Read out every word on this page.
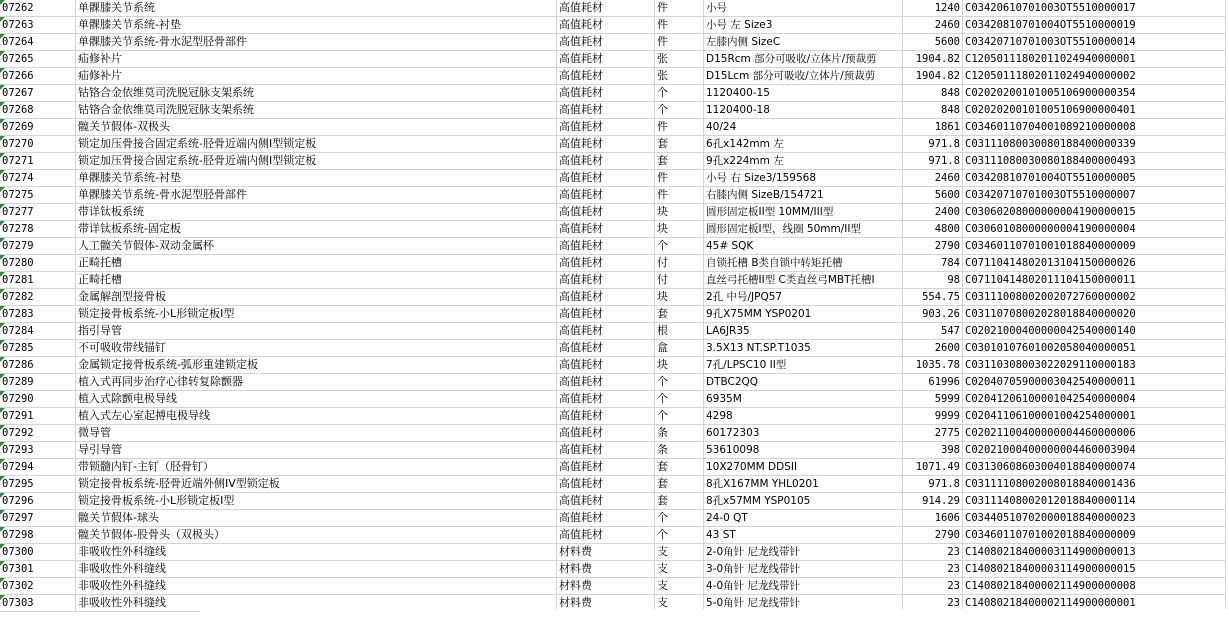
07262	单髁膝关节系统	高值耗材	件	小号	1240 C03420610701003OT5510000017
07263	单髁膝关节系统-衬垫	高值耗材	件	小号 左 Size3	2460 C03420810701004OT5510000019
07264	单髁膝关节系统-骨水泥型胫骨部件	高值耗材	件	左膝内侧 SizeC	5600 C03420710701003OT5510000014
07265	疝修补片	高值耗材	张	D15Rcm 部分可吸收/立体片/预裁剪	1904.82 C12050111802011024940000001
07266	疝修补片	高值耗材	张	D15Lcm 部分可吸收/立体片/预裁剪	1904.82 C12050111802011024940000002
07267	钴铬合金依维莫司洗脱冠脉支架系统	高值耗材	个	1120400-15	848 C02020200101005106900000354
07268	钴铬合金依维莫司洗脱冠脉支架系统	高值耗材	个	1120400-18	848 C02020200101005106900000401
07269	髋关节假体-双极头	高值耗材	件	40/24	1861 C03460110704001089210000008
07270	锁定加压骨接合固定系统-胫骨近端内侧I型锁定板	高值耗材	套	6孔x142mm 左	971.8 C03111080030080188400000339
07271	锁定加压骨接合固定系统-胫骨近端内侧I型锁定板	高值耗材	套	9孔x224mm 左	971.8 C03111080030080188400000493
07274	单髁膝关节系统-衬垫	高值耗材	件	小号 右 Size3/159568	2460 C03420810701004OT5510000005
07275	单髁膝关节系统-骨水泥型胫骨部件	高值耗材	件	右膝内侧 SizeB/154721	5600 C03420710701003OT5510000007
07277	带详钛板系统	高值耗材	块	圆形固定板II型 10MM/III型	2400 C03060208000000004190000015
07278	带详钛板系统-固定板	高值耗材	块	圆形固定板I型，线圈 50mm/II型	4800 C03060108000000004190000004
07279	人工髋关节假体-双动金属杯	高值耗材	个	45# SQK	2790 C03460110701001018840000009
07280	正畸托槽	高值耗材	付	自锁托槽 B类自锁中转矩托槽	784 C07110414802013104150000026
07281	正畸托槽	高值耗材	付	直丝弓托槽II型 C类直丝弓MBT托槽I	98 C07110414802011104150000011
07282	金属解剖型接骨板	高值耗材	块	2孔 中号/JPQ57	554.75 C03111008002002072760000002
07283	锁定接骨板系统-小L形锁定板I型	高值耗材	套	9孔X75MM YSP0201	903.26 C03110708002028018840000020
07284	指引导管	高值耗材	根	LA6JR35	547 C02021000400000042540000140
07285	不可吸收带线锚钉	高值耗材	盒	3.5X13 NT.SP.T1035	2600 C03010107601002058040000051
07286	金属锁定接骨板系统-弧形重建锁定板	高值耗材	块	7孔/LPSC10 II型	1035.78 C03110308003022029110000183
07289	植入式再同步治疗心律转复除颤器	高值耗材	个	DTBC2QQ	61996 C02040705900003042540000011
07290	植入式除颤电极导线	高值耗材	个	6935M	5999 C02041206100001042540000004
07291	植入式左心室起搏电极导线	高值耗材	个	4298	9999 C02041106100001004254000001
07292	微导管	高值耗材	条	60172303	2775 C02021100400000004460000006
07293	导引导管	高值耗材	条	53610098	398 C02021000400000004460003904
07294	带锁髓内钉-主钉（胫骨钉）	高值耗材	套	10X270MM DDSII	1071.49 C03130608603004018840000074
07295	锁定接骨板系统-胫骨近端外侧IV型锁定板	高值耗材	套	8孔X167MM YHL0201	971.8 C03111108002008018840001436
07296	锁定接骨板系统-小L形锁定板I型	高值耗材	套	8孔x57MM YSP0105	914.29 C03111408002012018840000114
07297	髋关节假体-球头	高值耗材	个	24-0 QT	1606 C03440510702000018840000023
07298	髋关节假体-股骨头（双极头）	高值耗材	个	43 ST	2790 C03460110701002018840000009
07300	非吸收性外科缝线	材料费	支	2-0角针 尼龙线带针	23 C14080218400003114900000013
07301	非吸收性外科缝线	材料费	支	3-0角针 尼龙线带针	23 C14080218400003114900000015
07302	非吸收性外科缝线	材料费	支	4-0角针 尼龙线带针	23 C14080218400002114900000008
07303	非吸收性外科缝线	材料费	支	5-0角针 尼龙线带针	23 C14080218400002114900000001
